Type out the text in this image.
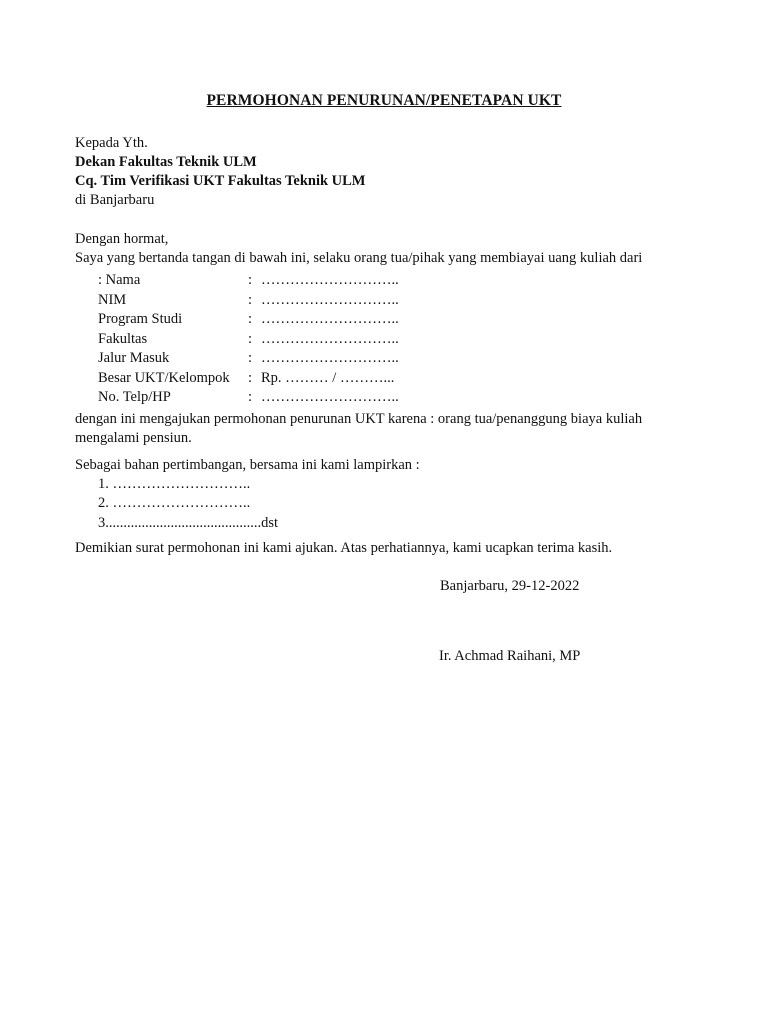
PERMOHONAN PENURUNAN/PENETAPAN UKT
Kepada Yth.
Dekan Fakultas Teknik ULM
Cq. Tim Verifikasi UKT Fakultas Teknik ULM
di Banjarbaru
Dengan hormat,
Saya yang bertanda tangan di bawah ini, selaku orang tua/pihak yang membiayai uang kuliah dari
: Nama	: ………………………..
NIM	: ………………………..
Program Studi	: ………………………..
Fakultas	: ………………………..
Jalur Masuk	: ………………………..
Besar UKT/Kelompok : Rp. ……… / ………...
No. Telp/HP	: ………………………..
dengan ini mengajukan permohonan penurunan UKT karena : orang tua/penanggung biaya kuliah
mengalami pensiun.
Sebagai bahan pertimbangan, bersama ini kami lampirkan :
1. ………………………..
2. ………………………..
3...........................................dst
Demikian surat permohonan ini kami ajukan. Atas perhatiannya, kami ucapkan terima kasih.
Banjarbaru, 29-12-2022
Ir. Achmad Raihani, MP
